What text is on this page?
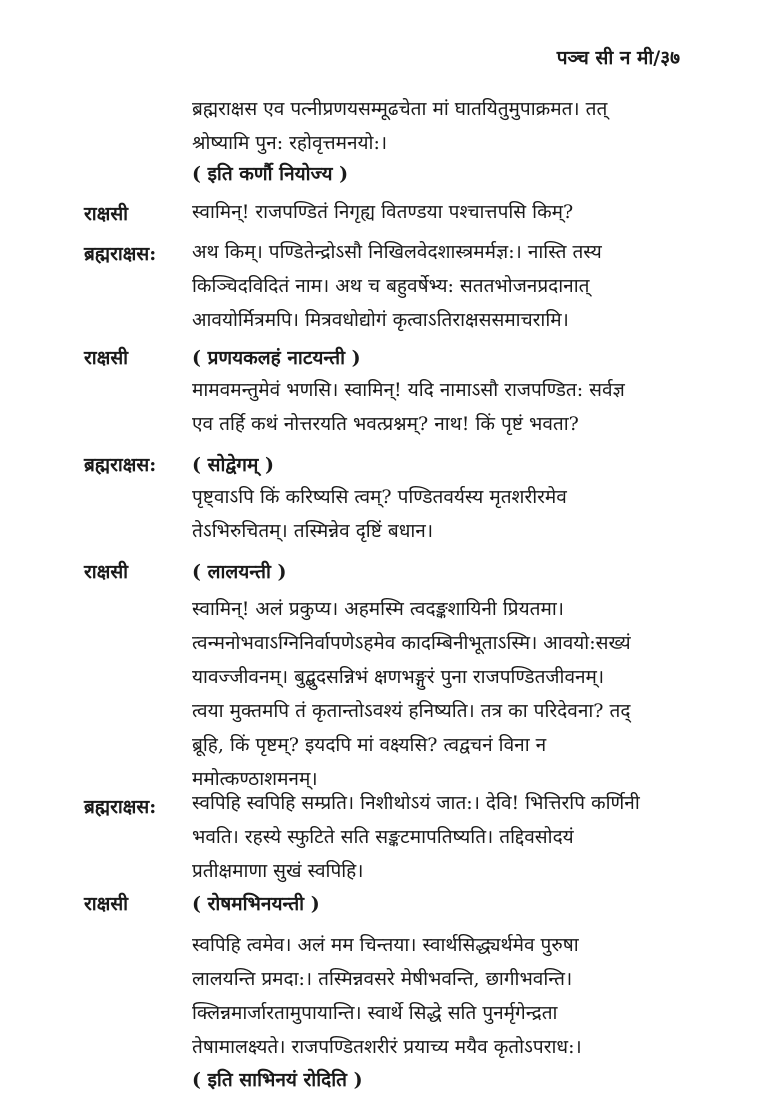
पञ्च सी न मी/३७
ब्रह्मराक्षस एव पत्नीप्रणयसम्मूढचेता मां घातयितुमुपाक्रमत। तत्
श्रोष्यामि पुन: रहोवृत्तमनयो:।
( इति कर्णौ नियोज्य )
राक्षसी	स्वामिन्! राजपण्डितं निगृह्य वितण्डया पश्चात्तपसि किम्?
ब्रह्मराक्षस: अथ किम्। पण्डितेन्द्रोऽसौ निखिलवेदशास्त्रमर्मज्ञ:। नास्ति तस्य
किञ्चिदविदितं नाम। अथ च बहुवर्षेभ्य: सततभोजनप्रदानात्
आवयोर्मित्रमपि। मित्रवधोद्योगं कृत्वाऽतिराक्षससमाचरामि।
राक्षसी	( प्रणयकलहं नाटयन्ती )
मामवमन्तुमेवं भणसि। स्वामिन्! यदि नामाऽसौ राजपण्डित: सर्वज्ञ
एव तर्हि कथं नोत्तरयति भवत्प्रश्नम्? नाथ! किं पृष्टं भवता?
ब्रह्मराक्षस: ( सोद्वेगम् )
पृष्ट्वाऽपि किं करिष्यसि त्वम्? पण्डितवर्यस्य मृतशरीरमेव
तेऽभिरुचितम्। तस्मिन्नेव दृष्टिं बधान।
राक्षसी	( लालयन्ती )
स्वामिन्! अलं प्रकुप्य। अहमस्मि त्वदङ्कशायिनी प्रियतमा।
त्वन्मनोभवाऽग्निनिर्वापणेऽहमेव कादम्बिनीभूताऽस्मि। आवयो:सख्यं
यावज्जीवनम्। बुद्बुदसन्निभं क्षणभङ्गुरं पुना राजपण्डितजीवनम्।
त्वया मुक्तमपि तं कृतान्तोऽवश्यं हनिष्यति। तत्र का परिदेवना? तद्
ब्रूहि, किं पृष्टम्? इयदपि मां वक्ष्यसि? त्वद्वचनं विना न
ममोत्कण्ठाशमनम्।
ब्रह्मराक्षस: स्वपिहि स्वपिहि सम्प्रति। निशीथोऽयं जात:। देवि! भित्तिरपि कर्णिनी
भवति। रहस्ये स्फुटिते सति सङ्कटमापतिष्यति। तद्दिवसोदयं
प्रतीक्षमाणा सुखं स्वपिहि।
राक्षसी	( रोषमभिनयन्ती )
स्वपिहि त्वमेव। अलं मम चिन्तया। स्वार्थसिद्ध्यर्थमेव पुरुषा
लालयन्ति प्रमदा:। तस्मिन्नवसरे मेषीभवन्ति, छागीभवन्ति।
क्लिन्नमार्जारतामुपायान्ति। स्वार्थे सिद्धे सति पुनर्मृगेन्द्रता
तेषामालक्ष्यते। राजपण्डितशरीरं प्रयाच्य मयैव कृतोऽपराध:।
( इति साभिनयं रोदिति )
